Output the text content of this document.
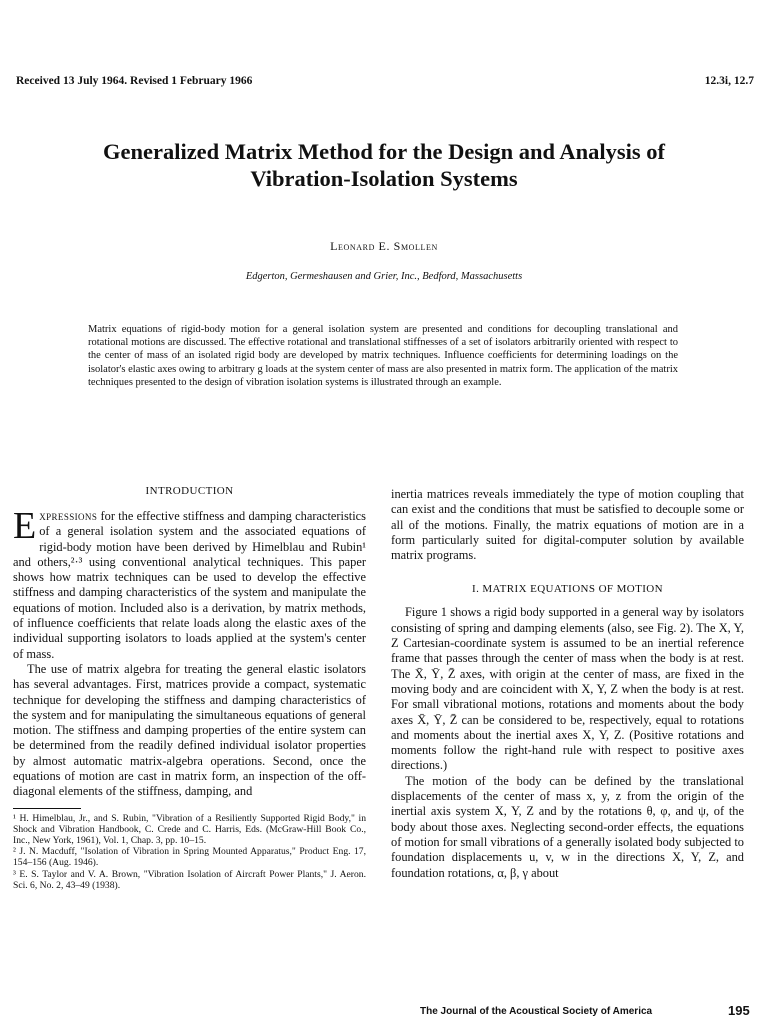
Received 13 July 1964. Revised 1 February 1966	12.3i, 12.7
Generalized Matrix Method for the Design and Analysis of
Vibration-Isolation Systems
Leonard E. Smollen
Edgerton, Germeshausen and Grier, Inc., Bedford, Massachusetts

Matrix equations of rigid-body motion for a general isolation system are presented and conditions for decoupling translational and rotational motions are discussed. The effective rotational and translational stiffnesses of a set of isolators arbitrarily oriented with respect to the center of mass of an isolated rigid body are developed by matrix techniques. Influence coefficients for determining loadings on the isolator's elastic axes owing to arbitrary g loads at the system center of mass are also presented in matrix form. The application of the matrix techniques presented to the design of vibration isolation systems is illustrated through an example.

INTRODUCTION

Expressions for the effective stiffness and damping characteristics of a general isolation system and the associated equations of rigid-body motion have been derived by Himelblau and Rubin¹ and others,²·³ using conventional analytical techniques. This paper shows how matrix techniques can be used to develop the effective stiffness and damping characteristics of the system and manipulate the equations of motion. Included also is a derivation, by matrix methods, of influence coefficients that relate loads along the elastic axes of the individual supporting isolators to loads applied at the system's center of mass.

The use of matrix algebra for treating the general elastic isolators has several advantages. First, matrices provide a compact, systematic technique for developing the stiffness and damping characteristics of the system and for manipulating the simultaneous equations of general motion. The stiffness and damping properties of the entire system can be determined from the readily defined individual isolator properties by almost automatic matrix-algebra operations. Second, once the equations of motion are cast in matrix form, an inspection of the off-diagonal elements of the stiffness, damping, and

¹ H. Himelblau, Jr., and S. Rubin, "Vibration of a Resiliently Supported Rigid Body," in Shock and Vibration Handbook, C. Crede and C. Harris, Eds. (McGraw-Hill Book Co., Inc., New York, 1961), Vol. 1, Chap. 3, pp. 10–15.
² J. N. Macduff, "Isolation of Vibration in Spring Mounted Apparatus," Product Eng. 17, 154–156 (Aug. 1946).
³ E. S. Taylor and V. A. Brown, "Vibration Isolation of Aircraft Power Plants," J. Aeron. Sci. 6, No. 2, 43–49 (1938).

inertia matrices reveals immediately the type of motion coupling that can exist and the conditions that must be satisfied to decouple some or all of the motions. Finally, the matrix equations of motion are in a form particularly suited for digital-computer solution by available matrix programs.

I. MATRIX EQUATIONS OF MOTION

Figure 1 shows a rigid body supported in a general way by isolators consisting of spring and damping elements (also, see Fig. 2). The X, Y, Z Cartesian-coordinate system is assumed to be an inertial reference frame that passes through the center of mass when the body is at rest. The X̄, Ȳ, Z̄ axes, with origin at the center of mass, are fixed in the moving body and are coincident with X, Y, Z when the body is at rest. For small vibrational motions, rotations and moments about the body axes X̄, Ȳ, Z̄ can be considered to be, respectively, equal to rotations and moments about the inertial axes X, Y, Z. (Positive rotations and moments follow the right-hand rule with respect to positive axes directions.)

The motion of the body can be defined by the translational displacements of the center of mass x, y, z from the origin of the inertial axis system X, Y, Z and by the rotations θ, φ, and ψ, of the body about those axes. Neglecting second-order effects, the equations of motion for small vibrations of a generally isolated body subjected to foundation displacements u, v, w in the directions X, Y, Z, and foundation rotations, α, β, γ about

The Journal of the Acoustical Society of America	195
